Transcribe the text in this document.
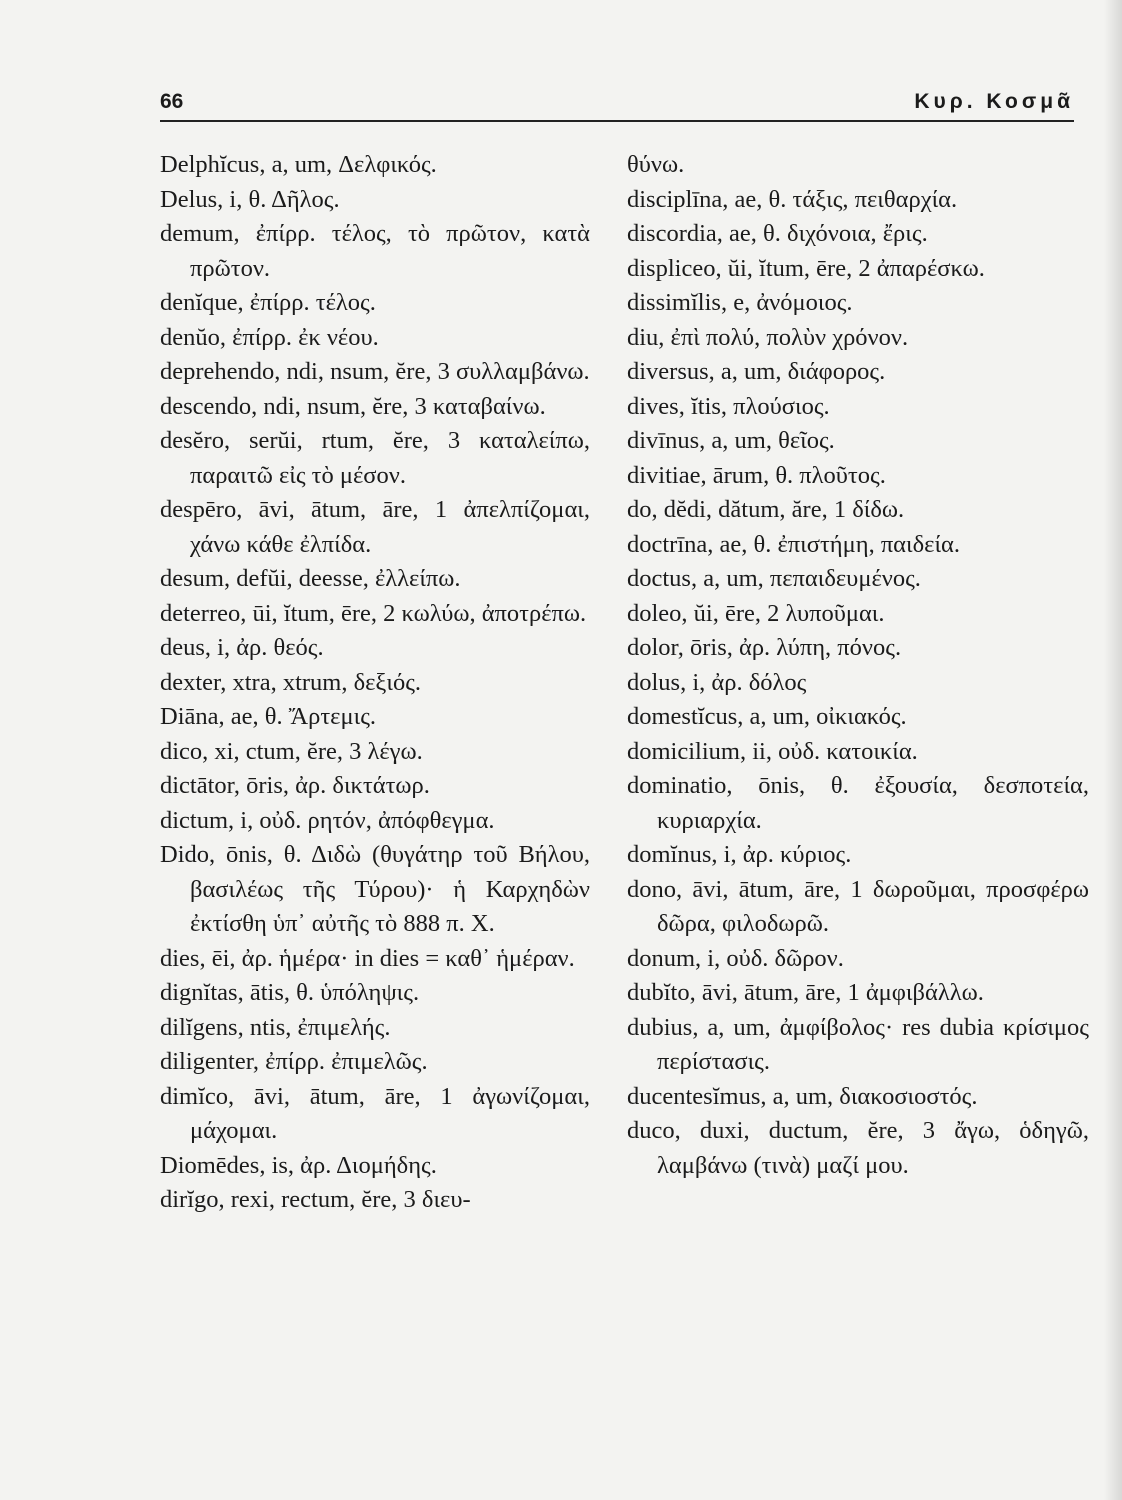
66	Κυρ. Κοσμᾶ

Delphĭcus, a, um, Δελφικός.

Delus, i, θ. Δῆλος.

demum, ἐπίρρ. τέλος, τὸ πρῶτον, κατὰ πρῶτον.

denĭque, ἐπίρρ. τέλος.

denŭo, ἐπίρρ. ἐκ νέου.

deprehendo, ndi, nsum, ĕre, 3 συλλαμβάνω.

descendo, ndi, nsum, ĕre, 3 καταβαίνω.

desĕro, serŭi, rtum, ĕre, 3 καταλείπω, παραιτῶ εἰς τὸ μέσον.

despēro, āvi, ātum, āre, 1 ἀπελπίζομαι, χάνω κάθε ἐλπίδα.

desum, defŭi, deesse, ἐλλείπω.

deterreo, ūi, ĭtum, ēre, 2 κωλύω, ἀποτρέπω.

deus, i, ἀρ. θεός.

dexter, xtra, xtrum, δεξιός.

Diāna, ae, θ. Ἄρτεμις.

dico, xi, ctum, ĕre, 3 λέγω.

dictātor, ōris, ἀρ. δικτάτωρ.

dictum, i, οὐδ. ρητόν, ἀπόφθεγμα.

Dido, ōnis, θ. Διδὼ (θυγάτηρ τοῦ Βήλου, βασιλέως τῆς Τύρου)· ἡ Καρχηδὼν ἐκτίσθη ὑπ᾽ αὐτῆς τὸ 888 π. Χ.

dies, ēi, ἀρ. ἡμέρα· in dies = καθ᾽ ἡμέραν.

dignĭtas, ātis, θ. ὑπόληψις.

dilĭgens, ntis, ἐπιμελής.

diligenter, ἐπίρρ. ἐπιμελῶς.

dimĭco, āvi, ātum, āre, 1 ἀγωνίζομαι, μάχομαι.

Diomēdes, is, ἀρ. Διομήδης.

dirĭgo, rexi, rectum, ĕre, 3 διευ-

θύνω.

disciplīna, ae, θ. τάξις, πειθαρχία.

discordia, ae, θ. διχόνοια, ἔρις.

displiceo, ŭi, ĭtum, ēre, 2 ἀπαρέσκω.

dissimĭlis, e, ἀνόμοιος.

diu, ἐπὶ πολύ, πολὺν χρόνον.

diversus, a, um, διάφορος.

dives, ĭtis, πλούσιος.

divīnus, a, um, θεῖος.

divitiae, ārum, θ. πλοῦτος.

do, dĕdi, dătum, ăre, 1 δίδω.

doctrīna, ae, θ. ἐπιστήμη, παιδεία.

doctus, a, um, πεπαιδευμένος.

doleo, ŭi, ēre, 2 λυποῦμαι.

dolor, ōris, ἀρ. λύπη, πόνος.

dolus, i, ἀρ. δόλος

domestĭcus, a, um, οἰκιακός.

domicilium, ii, οὐδ. κατοικία.

dominatio, ōnis, θ. ἐξουσία, δεσποτεία, κυριαρχία.

domĭnus, i, ἀρ. κύριος.

dono, āvi, ātum, āre, 1 δωροῦμαι, προσφέρω δῶρα, φιλοδωρῶ.

donum, i, οὐδ. δῶρον.

dubĭto, āvi, ātum, āre, 1 ἀμφιβάλλω.

dubius, a, um, ἀμφίβολος· res dubia κρίσιμος περίστασις.

ducentesĭmus, a, um, διακοσιοστός.

duco, duxi, ductum, ĕre, 3 ἄγω, ὁδηγῶ, λαμβάνω (τινὰ) μαζί μου.
